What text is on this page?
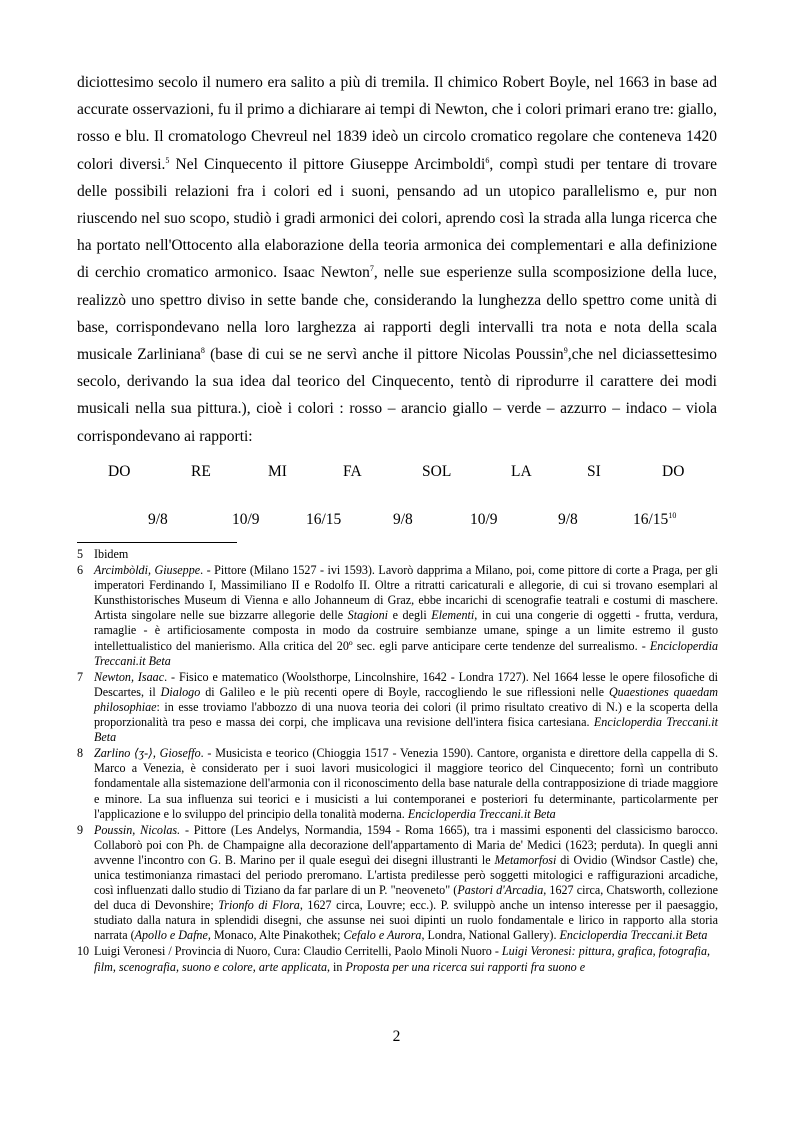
diciottesimo secolo il numero era salito a più di tremila. Il chimico Robert Boyle, nel 1663 in base ad accurate osservazioni, fu il primo a dichiarare ai tempi di Newton, che i colori primari erano tre: giallo, rosso e blu. Il cromatologo Chevreul nel 1839 ideò un circolo cromatico regolare che conteneva 1420 colori diversi.$^5$ Nel Cinquecento il pittore Giuseppe Arcimboldi$^6$, compì studi per tentare di trovare delle possibili relazioni fra i colori ed i suoni, pensando ad un utopico parallelismo e, pur non riuscendo nel suo scopo, studiò i gradi armonici dei colori, aprendo così la strada alla lunga ricerca che ha portato nell'Ottocento alla elaborazione della teoria armonica dei complementari e alla definizione di cerchio cromatico armonico. Isaac Newton$^7$, nelle sue esperienze sulla scomposizione della luce, realizzò uno spettro diviso in sette bande che, considerando la lunghezza dello spettro come unità di base, corrispondevano nella loro larghezza ai rapporti degli intervalli tra nota e nota della scala musicale Zarliniana$^8$ (base di cui se ne servì anche il pittore Nicolas Poussin$^9$,che nel diciassettesimo secolo, derivando la sua idea dal teorico del Cinquecento, tentò di riprodurre il carattere dei modi musicali nella sua pittura.), cioè i colori : rosso – arancio giallo – verde – azzurro – indaco – viola corrispondevano ai rapporti:

DO	RE	MI	FA	SOL	LA	SI	DO
9/8	10/9	16/15	9/8	10/9	9/8	$16/15^{10}$
5 Ibidem
6 Arcimbòldi, Giuseppe. - Pittore (Milano 1527 - ivi 1593). Lavorò dapprima a Milano, poi, come pittore di corte a Praga, per gli imperatori Ferdinando I, Massimiliano II e Rodolfo II. Oltre a ritratti caricaturali e allegorie, di cui si trovano esemplari al Kunsthistorisches Museum di Vienna e allo Johanneum di Graz, ebbe incarichi di scenografie teatrali e costumi di maschere. Artista singolare nelle sue bizzarre allegorie delle Stagioni e degli Elementi, in cui una congerie di oggetti - frutta, verdura, ramaglie - è artificiosamente composta in modo da costruire sembianze umane, spinge a un limite estremo il gusto intellettualistico del manierismo. Alla critica del 20º sec. egli parve anticipare certe tendenze del surrealismo. - Encicloperdia Treccani.it Beta
7 Newton, Isaac. - Fisico e matematico (Woolsthorpe, Lincolnshire, 1642 - Londra 1727). Nel 1664 lesse le opere filosofiche di Descartes, il Dialogo di Galileo e le più recenti opere di Boyle, raccogliendo le sue riflessioni nelle Quaestiones quaedam philosophiae: in esse troviamo l'abbozzo di una nuova teoria dei colori (il primo risultato creativo di N.) e la scoperta della proporzionalità tra peso e massa dei corpi, che implicava una revisione dell'intera fisica cartesiana. Encicloperdia Treccani.it Beta
8 Zarlino ⟨ʒ-⟩, Gioseffo. - Musicista e teorico (Chioggia 1517 - Venezia 1590). Cantore, organista e direttore della cappella di S. Marco a Venezia, è considerato per i suoi lavori musicologici il maggiore teorico del Cinquecento; fornì un contributo fondamentale alla sistemazione dell'armonia con il riconoscimento della base naturale della contrapposizione di triade maggiore e minore. La sua influenza sui teorici e i musicisti a lui contemporanei e posteriori fu determinante, particolarmente per l'applicazione e lo sviluppo del principio della tonalità moderna. Encicloperdia Treccani.it Beta
9 Poussin, Nicolas. - Pittore (Les Andelys, Normandia, 1594 - Roma 1665), tra i massimi esponenti del classicismo barocco. Collaborò poi con Ph. de Champaigne alla decorazione dell'appartamento di Maria de' Medici (1623; perduta). In quegli anni avvenne l'incontro con G. B. Marino per il quale eseguì dei disegni illustranti le Metamorfosi di Ovidio (Windsor Castle) che, unica testimonianza rimastaci del periodo preromano. L'artista predilesse però soggetti mitologici e raffigurazioni arcadiche, così influenzati dallo studio di Tiziano da far parlare di un P. "neoveneto" (Pastori d'Arcadia, 1627 circa, Chatsworth, collezione del duca di Devonshire; Trionfo di Flora, 1627 circa, Louvre; ecc.). P. sviluppò anche un intenso interesse per il paesaggio, studiato dalla natura in splendidi disegni, che assunse nei suoi dipinti un ruolo fondamentale e lirico in rapporto alla storia narrata (Apollo e Dafne, Monaco, Alte Pinakothek; Cefalo e Aurora, Londra, National Gallery). Encicloperdia Treccani.it Beta
10 Luigi Veronesi / Provincia di Nuoro, Cura: Claudio Cerritelli, Paolo Minoli Nuoro - Luigi Veronesi: pittura, grafica, fotografia, film, scenografia, suono e colore, arte applicata, in Proposta per una ricerca sui rapporti fra suono e
2
